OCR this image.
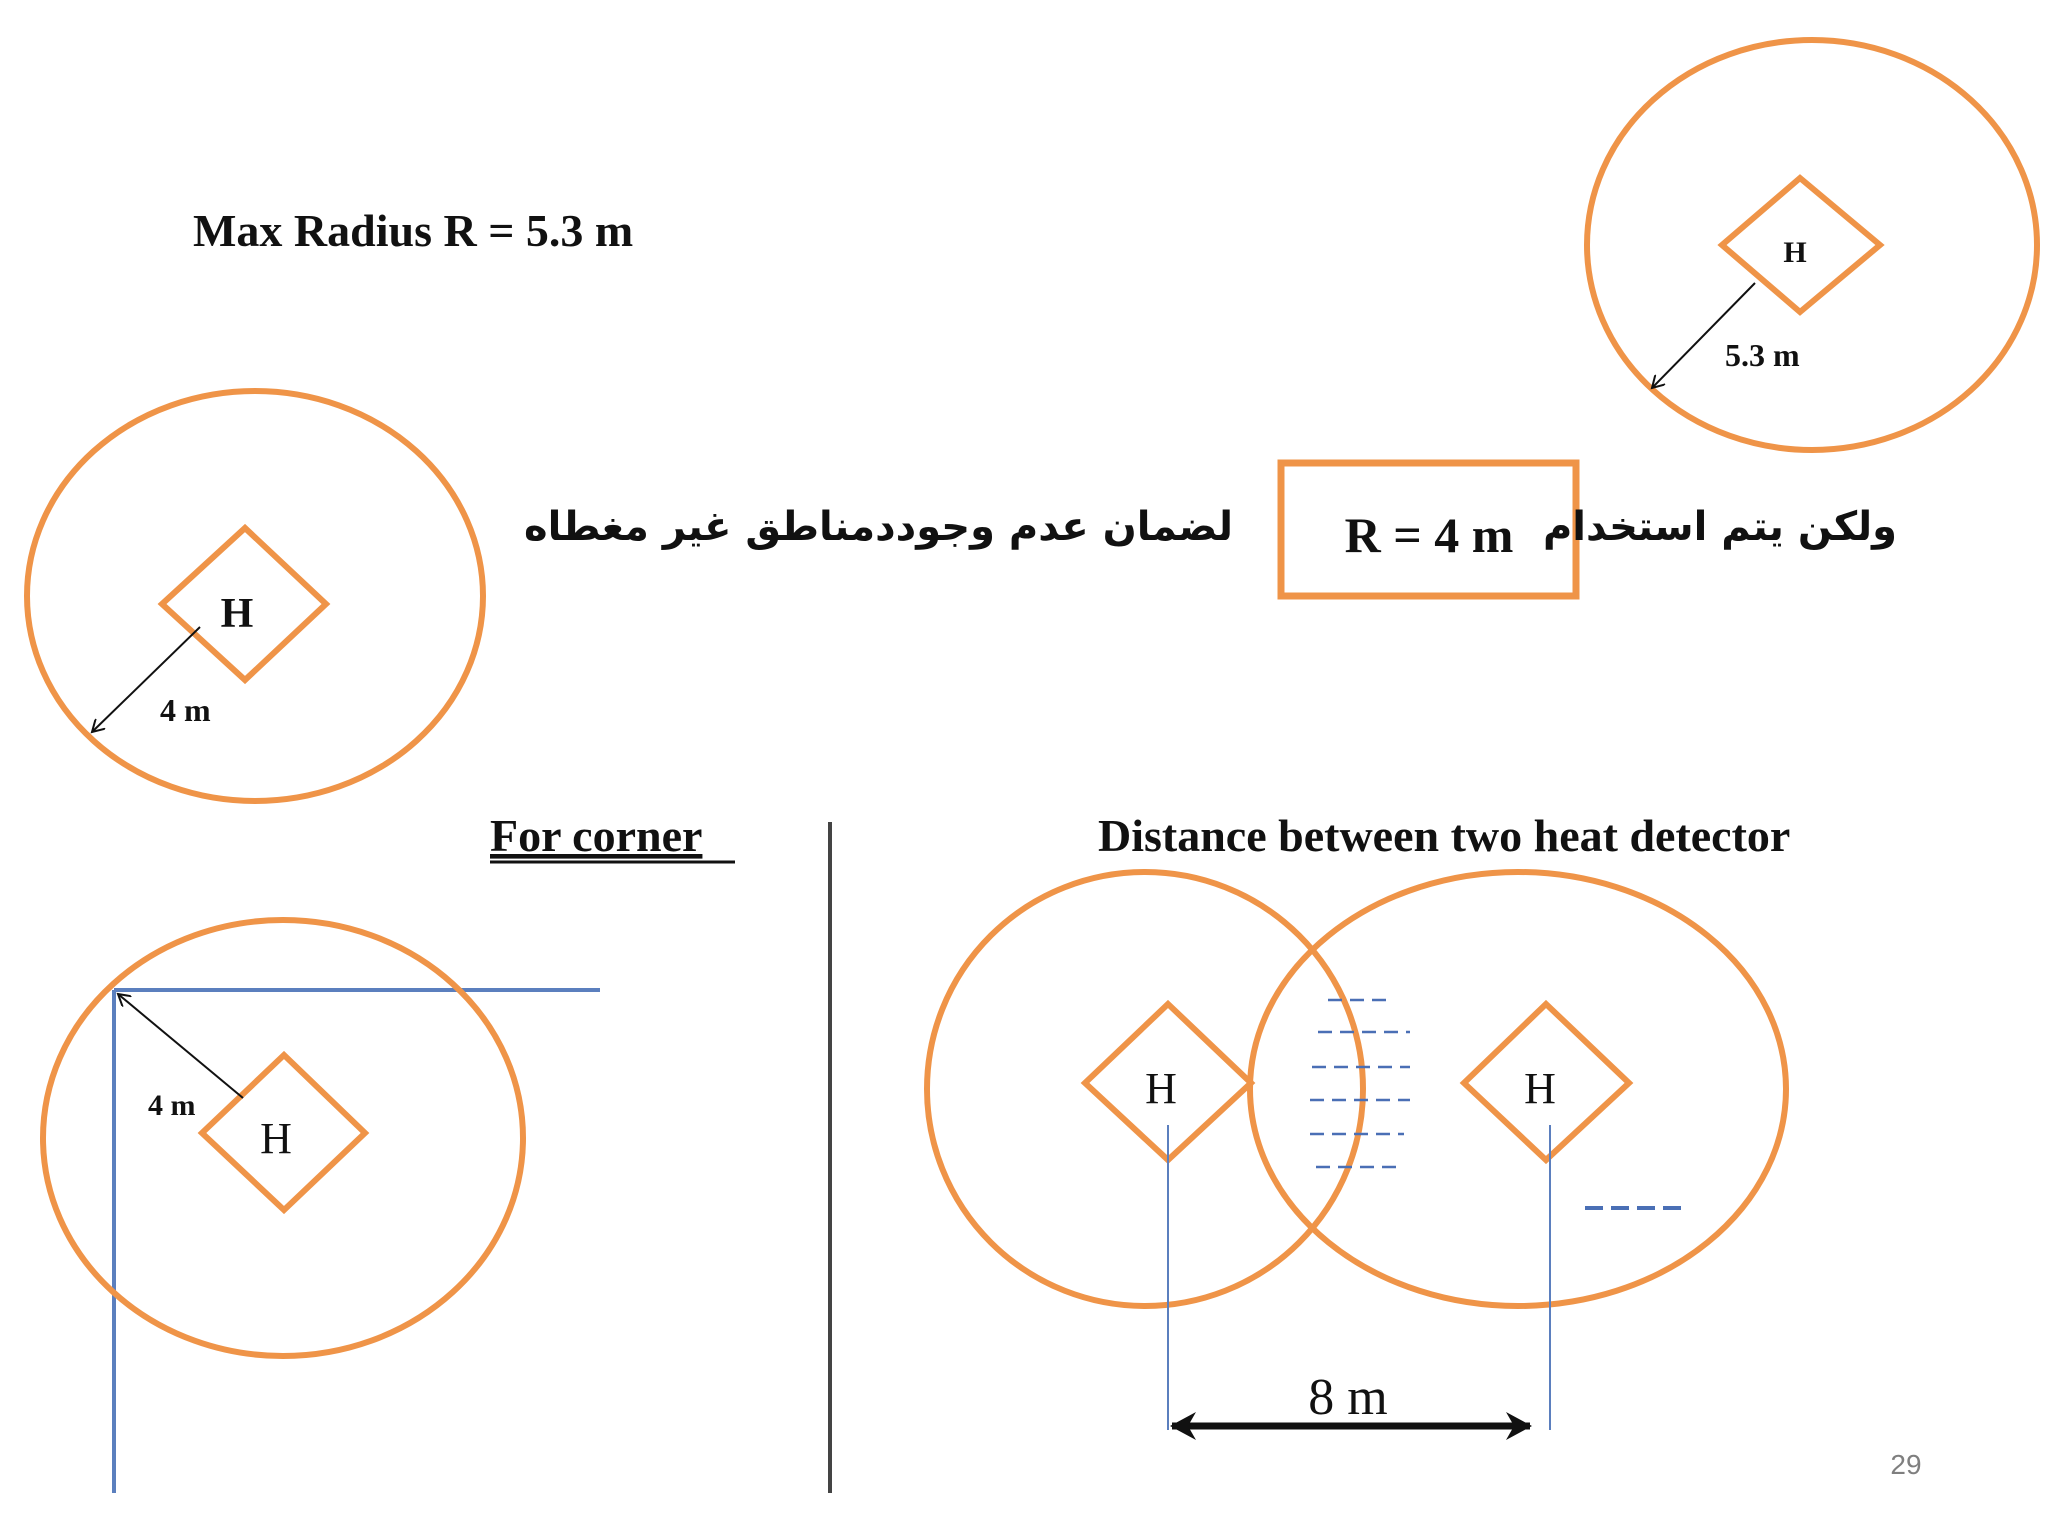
Max Radius R = 5.3 m	H
5.3 m
H
4 m
لضمان عدم وجوددمناطق غير مغطاه R = 4 m ولكن يتم استخدام
For corner
H
4 m
Distance between two heat detector
H	H
8 m
29
